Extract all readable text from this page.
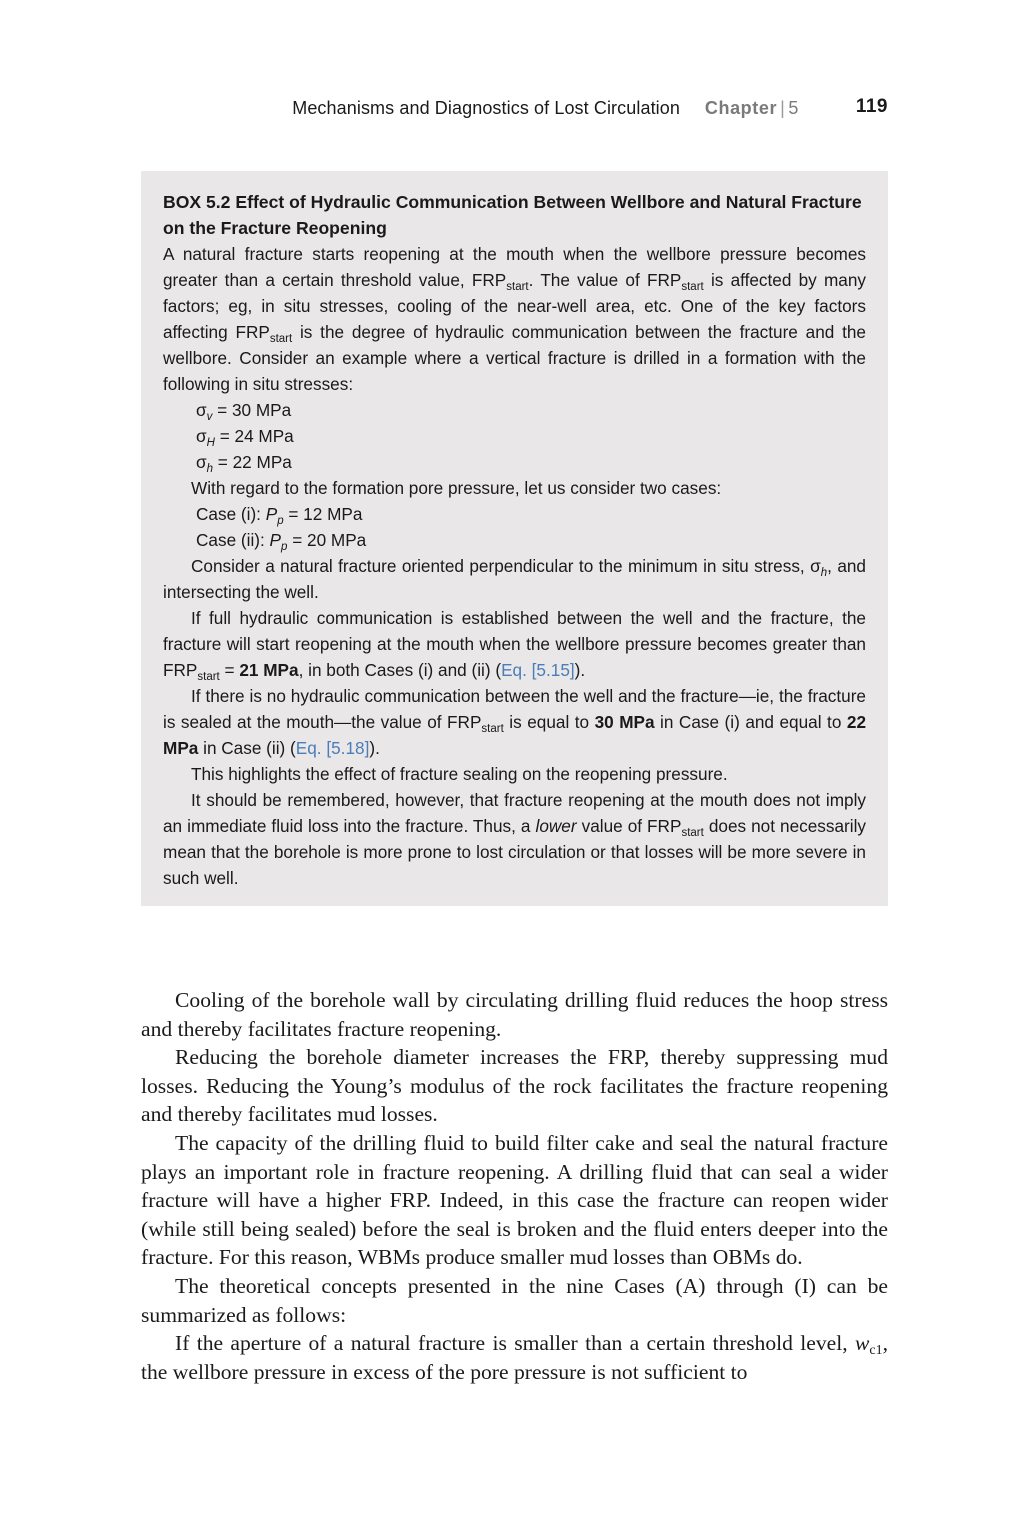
Mechanisms and Diagnostics of Lost Circulation Chapter | 5	119
BOX 5.2 Effect of Hydraulic Communication Between Wellbore and Natural Fracture on the Fracture Reopening

A natural fracture starts reopening at the mouth when the wellbore pressure becomes greater than a certain threshold value, $FRP_{start}$. The value of $FRP_{start}$ is affected by many factors; eg, in situ stresses, cooling of the near-well area, etc. One of the key factors affecting $FRP_{start}$ is the degree of hydraulic communication between the fracture and the wellbore. Consider an example where a vertical fracture is drilled in a formation with the following in situ stresses:

$\sigma_v = 30$ MPa

$\sigma_H = 24$ MPa

$\sigma_h = 22$ MPa

With regard to the formation pore pressure, let us consider two cases:

Case (i): $P_p = 12$ MPa

Case (ii): $P_p = 20$ MPa

Consider a natural fracture oriented perpendicular to the minimum in situ stress, $\sigma_h$, and intersecting the well.

If full hydraulic communication is established between the well and the fracture, the fracture will start reopening at the mouth when the wellbore pressure becomes greater than $FRP_{start} = 21$ MPa, in both Cases (i) and (ii) (Eq. [5.15]).

If there is no hydraulic communication between the well and the fracture—ie, the fracture is sealed at the mouth—the value of $FRP_{start}$ is equal to 30 MPa in Case (i) and equal to 22 MPa in Case (ii) (Eq. [5.18]).

This highlights the effect of fracture sealing on the reopening pressure.

It should be remembered, however, that fracture reopening at the mouth does not imply an immediate fluid loss into the fracture. Thus, a lower value of $FRP_{start}$ does not necessarily mean that the borehole is more prone to lost circulation or that losses will be more severe in such well.

Cooling of the borehole wall by circulating drilling fluid reduces the hoop stress and thereby facilitates fracture reopening.

Reducing the borehole diameter increases the FRP, thereby suppressing mud losses. Reducing the Young’s modulus of the rock facilitates the fracture reopening and thereby facilitates mud losses.

The capacity of the drilling fluid to build filter cake and seal the natural fracture plays an important role in fracture reopening. A drilling fluid that can seal a wider fracture will have a higher FRP. Indeed, in this case the fracture can reopen wider (while still being sealed) before the seal is broken and the fluid enters deeper into the fracture. For this reason, WBMs produce smaller mud losses than OBMs do.

The theoretical concepts presented in the nine Cases (A) through (I) can be summarized as follows:

If the aperture of a natural fracture is smaller than a certain threshold level, $w_{c1}$, the wellbore pressure in excess of the pore pressure is not sufficient to
